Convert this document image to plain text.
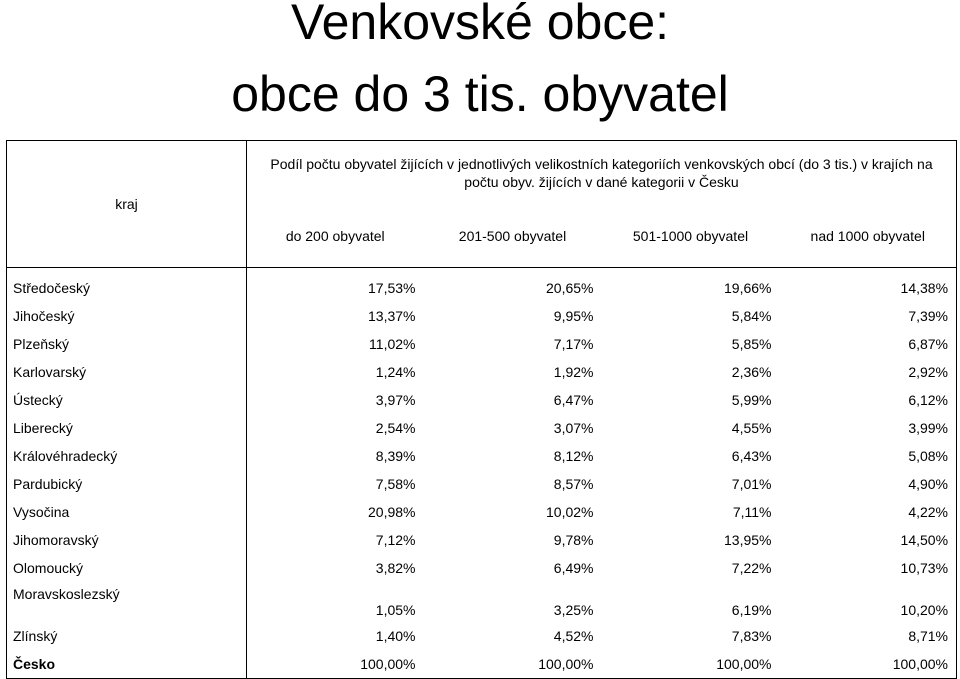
Venkovské obce:
obce do 3 tis. obyvatel
kraj	Podíl počtu obyvatel žijících v jednotlivých velikostních kategoriích venkovských obcí (do 3 tis.) v krajích na počtu obyv. žijících v dané kategorii v Česku			
	do 200 obyvatel	201-500 obyvatel	501-1000 obyvatel	nad 1000 obyvatel
Středočeský	17,53%	20,65%	19,66%	14,38%
Jihočeský	13,37%	9,95%	5,84%	7,39%
Plzeňský	11,02%	7,17%	5,85%	6,87%
Karlovarský	1,24%	1,92%	2,36%	2,92%
Ústecký	3,97%	6,47%	5,99%	6,12%
Liberecký	2,54%	3,07%	4,55%	3,99%
Královéhradecký	8,39%	8,12%	6,43%	5,08%
Pardubický	7,58%	8,57%	7,01%	4,90%
Vysočina	20,98%	10,02%	7,11%	4,22%
Jihomoravský	7,12%	9,78%	13,95%	14,50%
Olomoucký	3,82%	6,49%	7,22%	10,73%
Moravskoslezský	1,05%	3,25%	6,19%	10,20%
Zlínský	1,40%	4,52%	7,83%	8,71%
Česko	100,00%	100,00%	100,00%	100,00%
